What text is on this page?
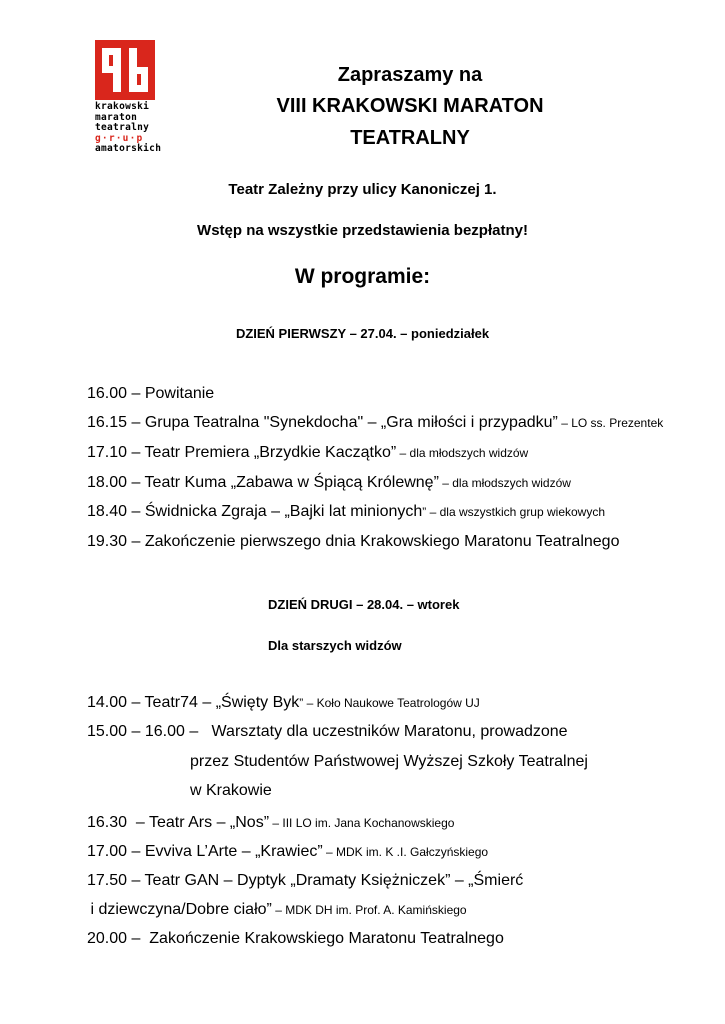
krakowski
maraton
teatralny
g·r·u·p
amatorskich
Zapraszamy na
VIII KRAKOWSKI MARATON
TEATRALNY
Teatr Zależny przy ulicy Kanoniczej 1.
Wstęp na wszystkie przedstawienia bezpłatny!
W programie:
DZIEŃ PIERWSZY – 27.04. – poniedziałek
16.00 – Powitanie
16.15 – Grupa Teatralna "Synekdocha" – „Gra miłości i przypadku” – LO ss. Prezentek
17.10 – Teatr Premiera „Brzydkie Kaczątko” – dla młodszych widzów
18.00 – Teatr Kuma „Zabawa w Śpiącą Królewnę” – dla młodszych widzów
18.40 – Świdnicka Zgraja – „Bajki lat minionych” – dla wszystkich grup wiekowych
19.30 – Zakończenie pierwszego dnia Krakowskiego Maratonu Teatralnego
DZIEŃ DRUGI – 28.04. – wtorek
Dla starszych widzów
14.00 – Teatr74 – „Święty Byk” – Koło Naukowe Teatrologów UJ
15.00 – 16.00 –   Warsztaty dla uczestników Maratonu, prowadzone
przez Studentów Państwowej Wyższej Szkoły Teatralnej
w Krakowie
16.30  – Teatr Ars – „Nos” – III LO im. Jana Kochanowskiego
17.00 – Evviva L’Arte – „Krawiec” – MDK im. K .I. Gałczyńskiego
17.50 – Teatr GAN – Dyptyk „Dramaty Księżniczek” – „Śmierć
i dziewczyna/Dobre ciało” – MDK DH im. Prof. A. Kamińskiego
20.00 –  Zakończenie Krakowskiego Maratonu Teatralnego
